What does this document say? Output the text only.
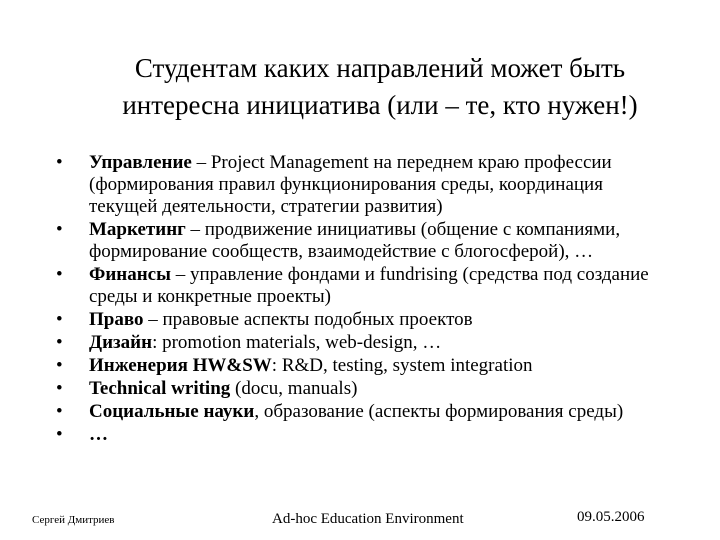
Студентам каких направлений может быть
интересна инициатива (или – те, кто нужен!)
• Управление – Project Management на переднем краю профессии (формирования правил функционирования среды, координация текущей деятельности, стратегии развития)
• Маркетинг – продвижение инициативы (общение с компаниями, формирование сообществ, взаимодействие с блогосферой), …
• Финансы – управление фондами и fundrising (средства под создание среды и конкретные проекты)
• Право – правовые аспекты подобных проектов
• Дизайн: promotion materials, web-design, …
• Инженерия HW&SW: R&D, testing, system integration
• Technical writing (docu, manuals)
• Социальные науки, образование (аспекты формирования среды)
• …
Сергей Дмитриев	Ad-hoc Education Environment	09.05.2006
